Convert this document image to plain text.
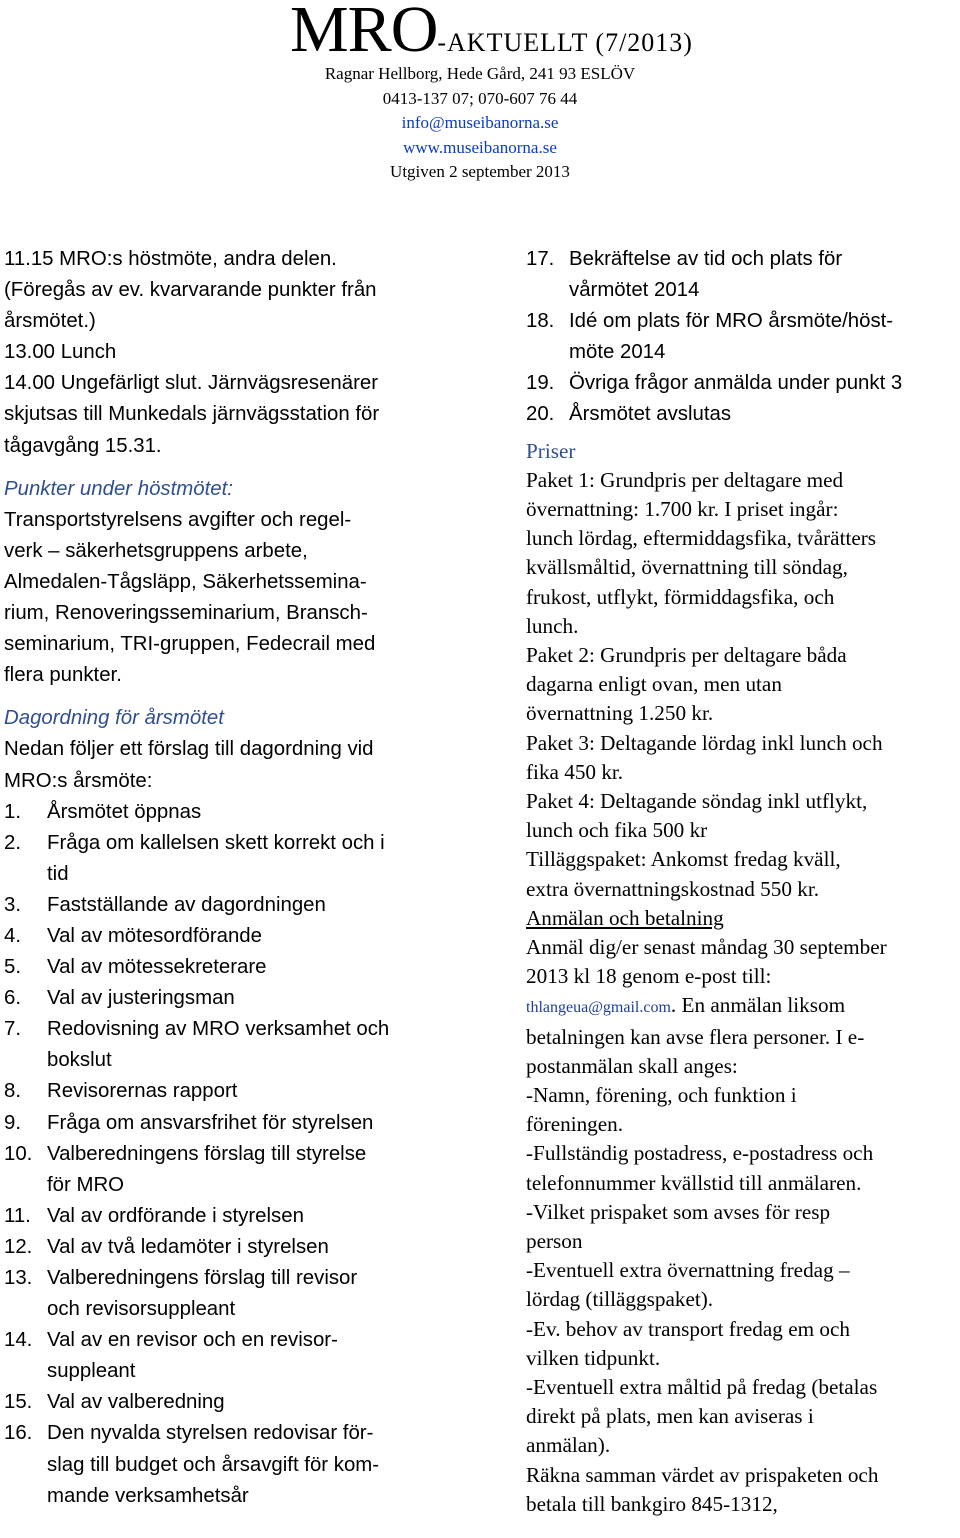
MRO-AKTUELLT (7/2013)
Ragnar Hellborg, Hede Gård, 241 93 ESLÖV
0413-137 07; 070-607 76 44
info@museibanorna.se
www.museibanorna.se
Utgiven 2 september 2013
11.15 MRO:s höstmöte, andra delen.
(Föregås av ev. kvarvarande punkter från
årsmötet.)
13.00 Lunch
14.00 Ungefärligt slut. Järnvägsresenärer
skjutsas till Munkedals järnvägsstation för
tågavgång 15.31.
Punkter under höstmötet:
Transportstyrelsens avgifter och regel-
verk – säkerhetsgruppens arbete,
Almedalen-Tågsläpp, Säkerhetssemina-
rium, Renoveringsseminarium, Bransch-
seminarium, TRI-gruppen, Fedecrail med
flera punkter.
Dagordning för årsmötet
Nedan följer ett förslag till dagordning vid
MRO:s årsmöte:
1.	Årsmötet öppnas
2.	Fråga om kallelsen skett korrekt och i
tid
3.	Fastställande av dagordningen
4.	Val av mötesordförande
5.	Val av mötessekreterare
6.	Val av justeringsman
7.	Redovisning av MRO verksamhet och
bokslut
8.	Revisorernas rapport
9.	Fråga om ansvarsfrihet för styrelsen
10. Valberedningens förslag till styrelse
för MRO
11. Val av ordförande i styrelsen
12. Val av två ledamöter i styrelsen
13. Valberedningens förslag till revisor
och revisorsuppleant
14. Val av en revisor och en revisor-
suppleant
15. Val av valberedning
16. Den nyvalda styrelsen redovisar för-
slag till budget och årsavgift för kom-
mande verksamhetsår
17. Bekräftelse av tid och plats för
vårmötet 2014
18. Idé om plats för MRO årsmöte/höst-
möte 2014
19. Övriga frågor anmälda under punkt 3
20. Årsmötet avslutas

Priser

Paket 1: Grundpris per deltagare med

övernattning: 1.700 kr. I priset ingår:

lunch lördag, eftermiddagsfika, tvårätters

kvällsmåltid, övernattning till söndag,

frukost, utflykt, förmiddagsfika, och

lunch.

Paket 2: Grundpris per deltagare båda

dagarna enligt ovan, men utan

övernattning 1.250 kr.

Paket 3: Deltagande lördag inkl lunch och

fika 450 kr.

Paket 4: Deltagande söndag inkl utflykt,

lunch och fika 500 kr

Tilläggspaket: Ankomst fredag kväll,

extra övernattningskostnad 550 kr.

Anmälan och betalning

Anmäl dig/er senast måndag 30 september

2013 kl 18 genom e-post till:

thlangeua@gmail.com. En anmälan liksom

betalningen kan avse flera personer. I e-

postanmälan skall anges:

-Namn, förening, och funktion i

föreningen.

-Fullständig postadress, e-postadress och

telefonnummer kvällstid till anmälaren.

-Vilket prispaket som avses för resp

person

-Eventuell extra övernattning fredag –

lördag (tilläggspaket).

-Ev. behov av transport fredag em och

vilken tidpunkt.

-Eventuell extra måltid på fredag (betalas

direkt på plats, men kan aviseras i

anmälan).

Räkna samman värdet av prispaketen och

betala till bankgiro 845-1312,
